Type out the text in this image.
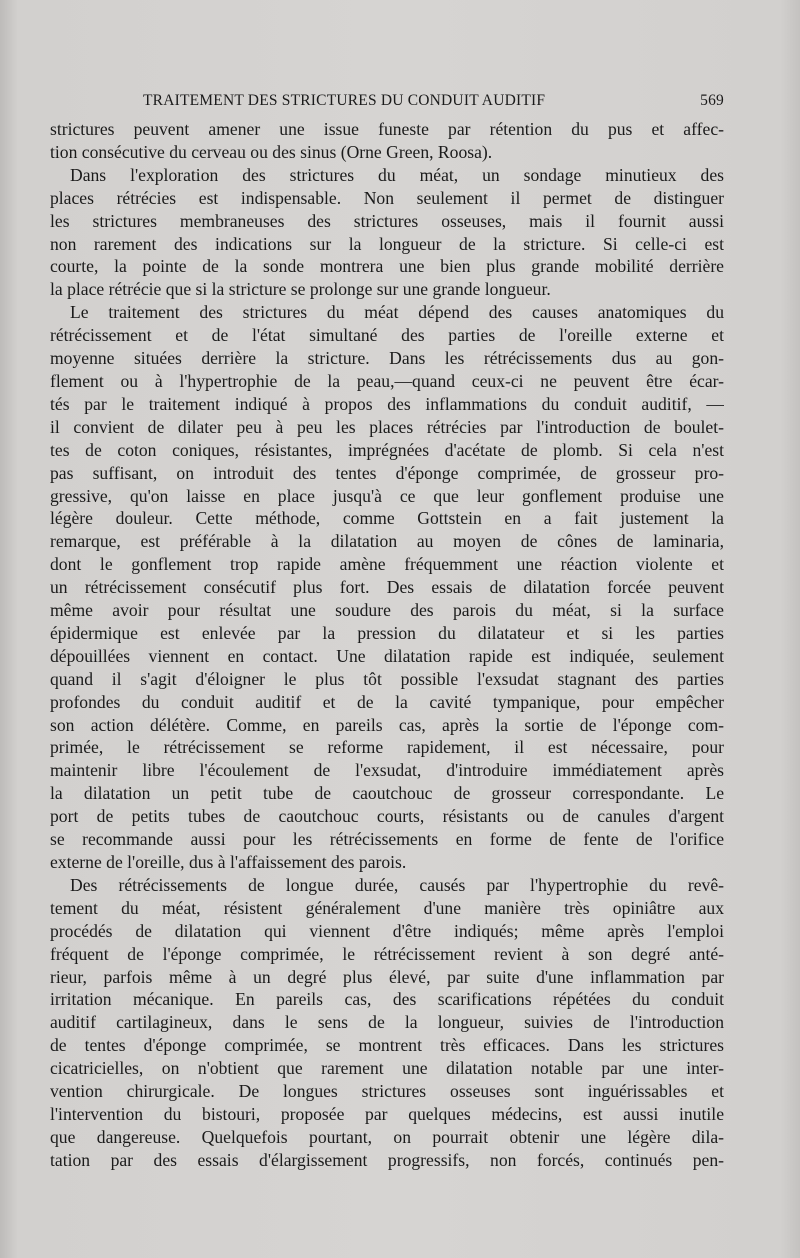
TRAITEMENT DES STRICTURES DU CONDUIT AUDITIF	569

strictures peuvent amener une issue funeste par rétention du pus et affec-
tion consécutive du cerveau ou des sinus (Orne Green, Roosa).

Dans l'exploration des strictures du méat, un sondage minutieux des
places rétrécies est indispensable. Non seulement il permet de distinguer
les strictures membraneuses des strictures osseuses, mais il fournit aussi
non rarement des indications sur la longueur de la stricture. Si celle-ci est
courte, la pointe de la sonde montrera une bien plus grande mobilité derrière
la place rétrécie que si la stricture se prolonge sur une grande longueur.

Le traitement des strictures du méat dépend des causes anatomiques du
rétrécissement et de l'état simultané des parties de l'oreille externe et
moyenne situées derrière la stricture. Dans les rétrécissements dus au gon-
flement ou à l'hypertrophie de la peau,—quand ceux-ci ne peuvent être écar-
tés par le traitement indiqué à propos des inflammations du conduit auditif, —
il convient de dilater peu à peu les places rétrécies par l'introduction de boulet-
tes de coton coniques, résistantes, imprégnées d'acétate de plomb. Si cela n'est
pas suffisant, on introduit des tentes d'éponge comprimée, de grosseur pro-
gressive, qu'on laisse en place jusqu'à ce que leur gonflement produise une
légère douleur. Cette méthode, comme Gottstein en a fait justement la
remarque, est préférable à la dilatation au moyen de cônes de laminaria,
dont le gonflement trop rapide amène fréquemment une réaction violente et
un rétrécissement consécutif plus fort. Des essais de dilatation forcée peuvent
même avoir pour résultat une soudure des parois du méat, si la surface
épidermique est enlevée par la pression du dilatateur et si les parties
dépouillées viennent en contact. Une dilatation rapide est indiquée, seulement
quand il s'agit d'éloigner le plus tôt possible l'exsudat stagnant des parties
profondes du conduit auditif et de la cavité tympanique, pour empêcher
son action délétère. Comme, en pareils cas, après la sortie de l'éponge com-
primée, le rétrécissement se reforme rapidement, il est nécessaire, pour
maintenir libre l'écoulement de l'exsudat, d'introduire immédiatement après
la dilatation un petit tube de caoutchouc de grosseur correspondante. Le
port de petits tubes de caoutchouc courts, résistants ou de canules d'argent
se recommande aussi pour les rétrécissements en forme de fente de l'orifice
externe de l'oreille, dus à l'affaissement des parois.

Des rétrécissements de longue durée, causés par l'hypertrophie du revê-
tement du méat, résistent généralement d'une manière très opiniâtre aux
procédés de dilatation qui viennent d'être indiqués; même après l'emploi
fréquent de l'éponge comprimée, le rétrécissement revient à son degré anté-
rieur, parfois même à un degré plus élevé, par suite d'une inflammation par
irritation mécanique. En pareils cas, des scarifications répétées du conduit
auditif cartilagineux, dans le sens de la longueur, suivies de l'introduction
de tentes d'éponge comprimée, se montrent très efficaces. Dans les strictures
cicatricielles, on n'obtient que rarement une dilatation notable par une inter-
vention chirurgicale. De longues strictures osseuses sont inguérissables et
l'intervention du bistouri, proposée par quelques médecins, est aussi inutile
que dangereuse. Quelquefois pourtant, on pourrait obtenir une légère dila-
tation par des essais d'élargissement progressifs, non forcés, continués pen-
